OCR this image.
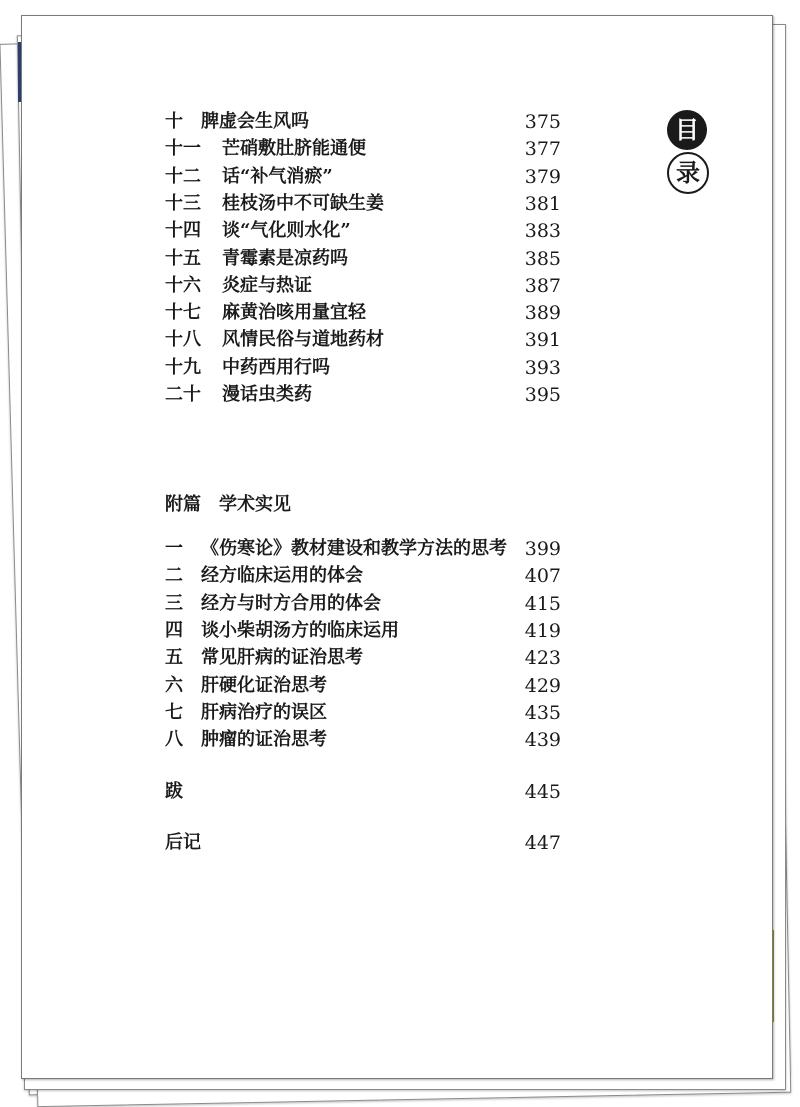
十 脾虚会生风吗	375
十一 芒硝敷肚脐能通便	377
十二 话“补气消瘀”	379
十三 桂枝汤中不可缺生姜	381
十四 谈“气化则水化”	383
十五 青霉素是凉药吗	385
十六 炎症与热证	387
十七 麻黄治咳用量宜轻	389
十八 风情民俗与道地药材	391
十九 中药西用行吗	393
二十 漫话虫类药	395
附篇 学术实见
一 《伤寒论》教材建设和教学方法的思考 399
二 经方临床运用的体会	407
三 经方与时方合用的体会	415
四 谈小柴胡汤方的临床运用	419
五 常见肝病的证治思考	423
六 肝硬化证治思考	429
七 肝病治疗的误区	435
八 肿瘤的证治思考	439
跋	445
后记	447
目
录
